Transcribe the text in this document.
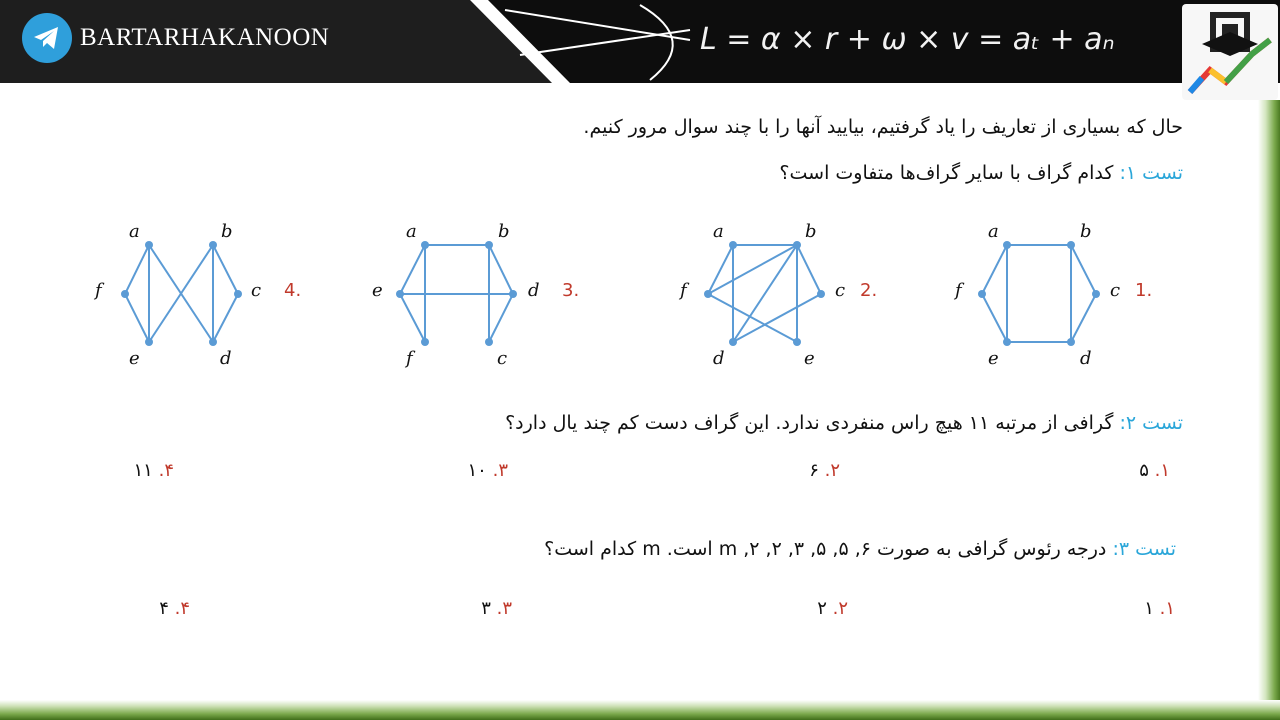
BARTARHAKANOON	L = α × r + ω × v = aₜ + aₙ
حال که بسیاری از تعاریف را یاد گرفتیم، بیایید آنها را با چند سوال مرور کنیم.
تست ۱: کدام گراف با سایر گراف‌ها متفاوت است؟
1.
2.
3.
4.
a	b
c
d
e
f
a	b
c
e
d
f
a	b
d
c
f
e
a	b
c
d
e
f
تست ۲: گرافی از مرتبه ۱۱ هیچ راس منفردی ندارد. این گراف دست کم چند یال دارد؟
۱. ۵
۲. ۶
۳. ۱۰
۴. ۱۱
تست ۳: درجه رئوس گرافی به صورت m ,۲ ,۲ ,۳ ,۵ ,۵ ,۶ است. m کدام است؟
۱. ۱
۲. ۲
۳. ۳
۴. ۴
